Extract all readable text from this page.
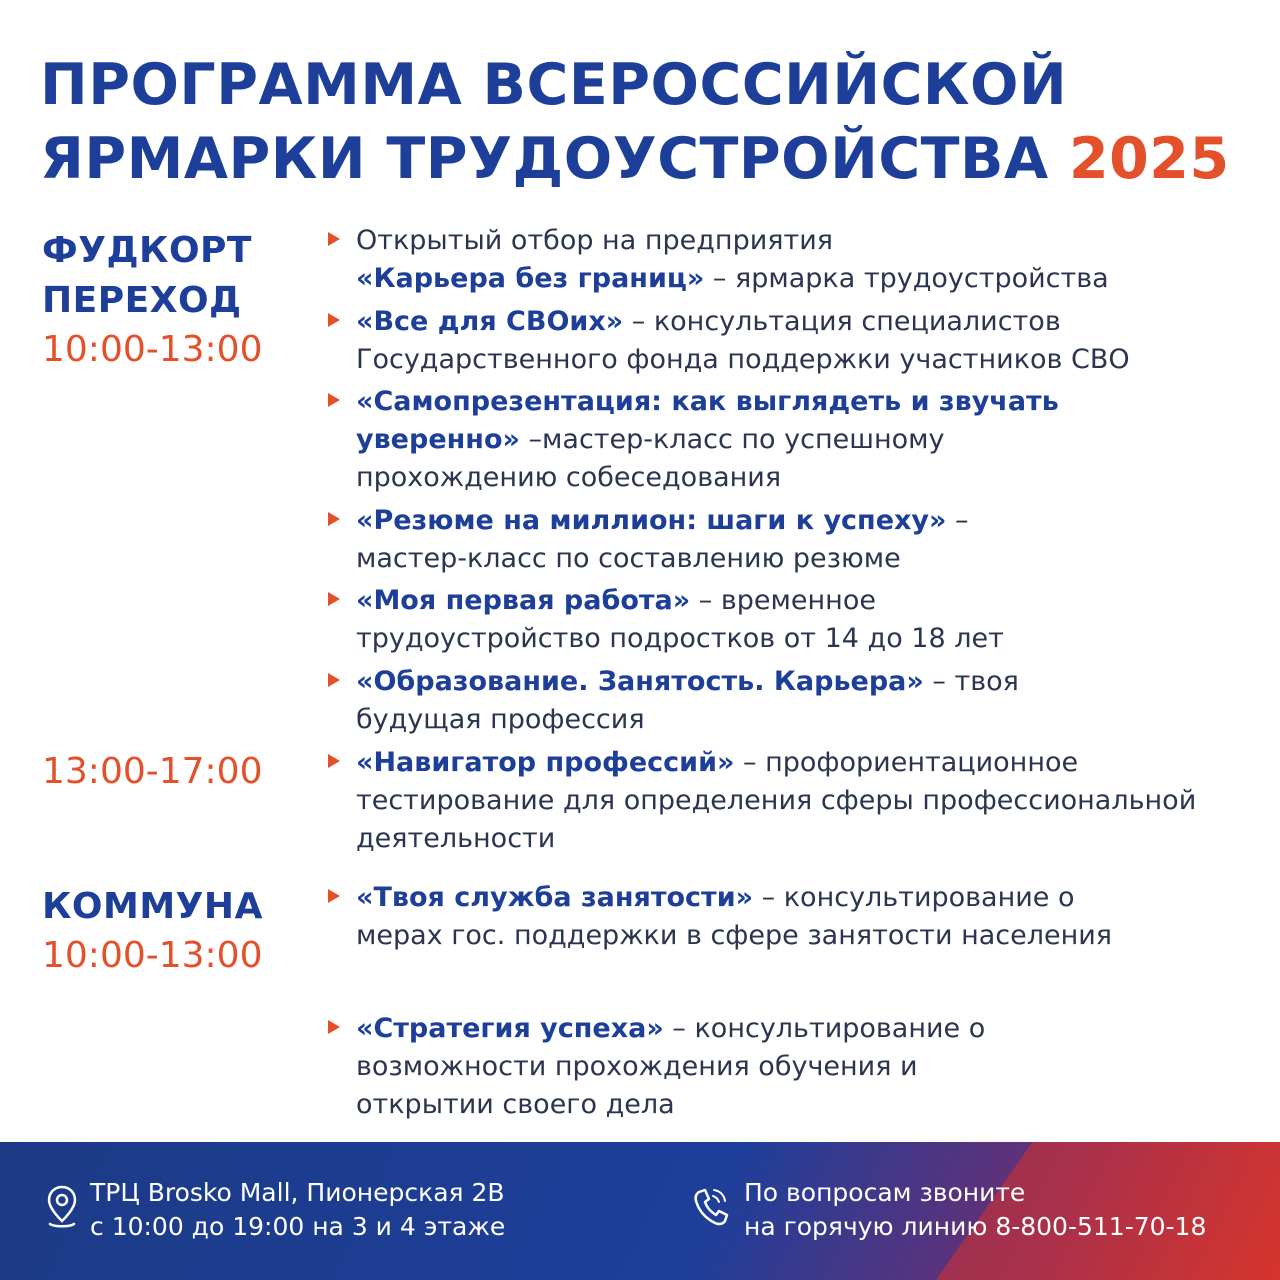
ПРОГРАММА ВСЕРОССИЙСКОЙ
ЯРМАРКИ ТРУДОУСТРОЙСТВА 2025
ФУДКОРТ
ПЕРЕХОД
10:00-13:00
13:00-17:00
КОММУНА
10:00-13:00
Открытый отбор на предприятия
«Карьера без границ» – ярмарка трудоустройства
«Все для СВОих» – консультация специалистов Государственного фонда поддержки участников СВО
«Самопрезентация: как выглядеть и звучать уверенно» –мастер-класс по успешному прохождению собеседования
«Резюме на миллион: шаги к успеху» – мастер-класс по составлению резюме
«Моя первая работа» – временное трудоустройство подростков от 14 до 18 лет
«Образование. Занятость. Карьера» – твоя будущая профессия
«Навигатор профессий» – профориентационное тестирование для определения сферы профессиональной деятельности
«Твоя служба занятости» – консультирование о мерах гос. поддержки в сфере занятости населения
«Стратегия успеха» – консультирование о возможности прохождения обучения и открытии своего дела
ТРЦ Brosko Mall, Пионерская 2В
с 10:00 до 19:00 на 3 и 4 этаже
По вопросам звоните
на горячую линию 8-800-511-70-18
